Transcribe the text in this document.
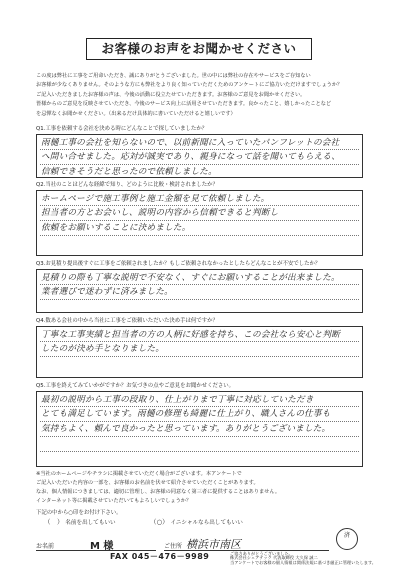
お客様のお声をお聞かせください
この度は弊社に工事をご用命いただき、誠にありがとうございました。世の中には弊社の存在やサービスをご存知ない
お客様が少なくありません。そのような方にも弊社をより良く知っていただくためのアンケートにご協力いただけますでしょうか？
ご記入いただきましたお客様の声は、今後の活動に役立たせていただきます。お客様のご意見をお聞かせください。
皆様からのご意見を反映させていただき、今後のサービス向上に活用させていただきます。良かったこと、嬉しかったことなど
を忌憚なくお聞かせください。（出来るだけ具体的に書いていただけると嬉しいです）
Q1.工事を依頼する会社を決める時にどんなことで探していましたか？
雨樋工事の会社を知らないので、以前新聞に入っていたパンフレットの会社
へ問い合せました。応対が誠実であり、親身になって話を聞いてもらえる、
信頼できそうだと思ったので依頼しました。
Q2.当社のことはどんな経緯で知り、どのように比較・検討されましたか？
ホームページで施工事例と施工金額を見て依頼しました。
担当者の方とお会いし、説明の内容から信頼できると判断し
依頼をお願いすることに決めました。
Q3.お見積り提出後すぐに工事をご依頼されましたか？もしご依頼されなかったとしたらどんなことが不安でしたか？
見積りの際も丁寧な説明で不安なく、すぐにお願いすることが出来ました。
業者選びで迷わずに済みました。
Q4.数ある会社の中から当社に工事をご依頼いただいた決め手は何ですか？
丁寧な工事実績と担当者の方の人柄に好感を持ち、この会社なら安心と判断
したのが決め手となりました。
Q5.工事を終えてみていかがですか？お気づきの点やご意見をお聞かせください。
最初の説明から工事の段取り、仕上がりまで丁寧に対応していただき
とても満足しています。雨樋の修理も綺麗に仕上がり、職人さんの仕事も
気持ちよく、頼んで良かったと思っています。ありがとうございました。
※当社のホームページやチラシに掲載させていただく場合がございます。本アンケートで
ご記入いただいた内容の一部を、お客様のお名前を伏せて紹介させていただくことがあります。
なお、個人情報につきましては、適切に管理し、お客様の同意なく第三者に提供することはありません。
インターネット等に掲載させていただいてもよろしいでしょうか？
下記の中から○印をお付け下さい。
（　） 名前を出してもいい	（○） イニシャルなら出してもいい
お名前	M 様	ご住所 横浜市南区
済
FAX 045－476－9989	ご協力ありがとうございました。
株式会社シェアテック 代表取締役 大久保 誠二
当アンケートでお客様の個人情報は関係法規に基づき厳正に管理いたします。
